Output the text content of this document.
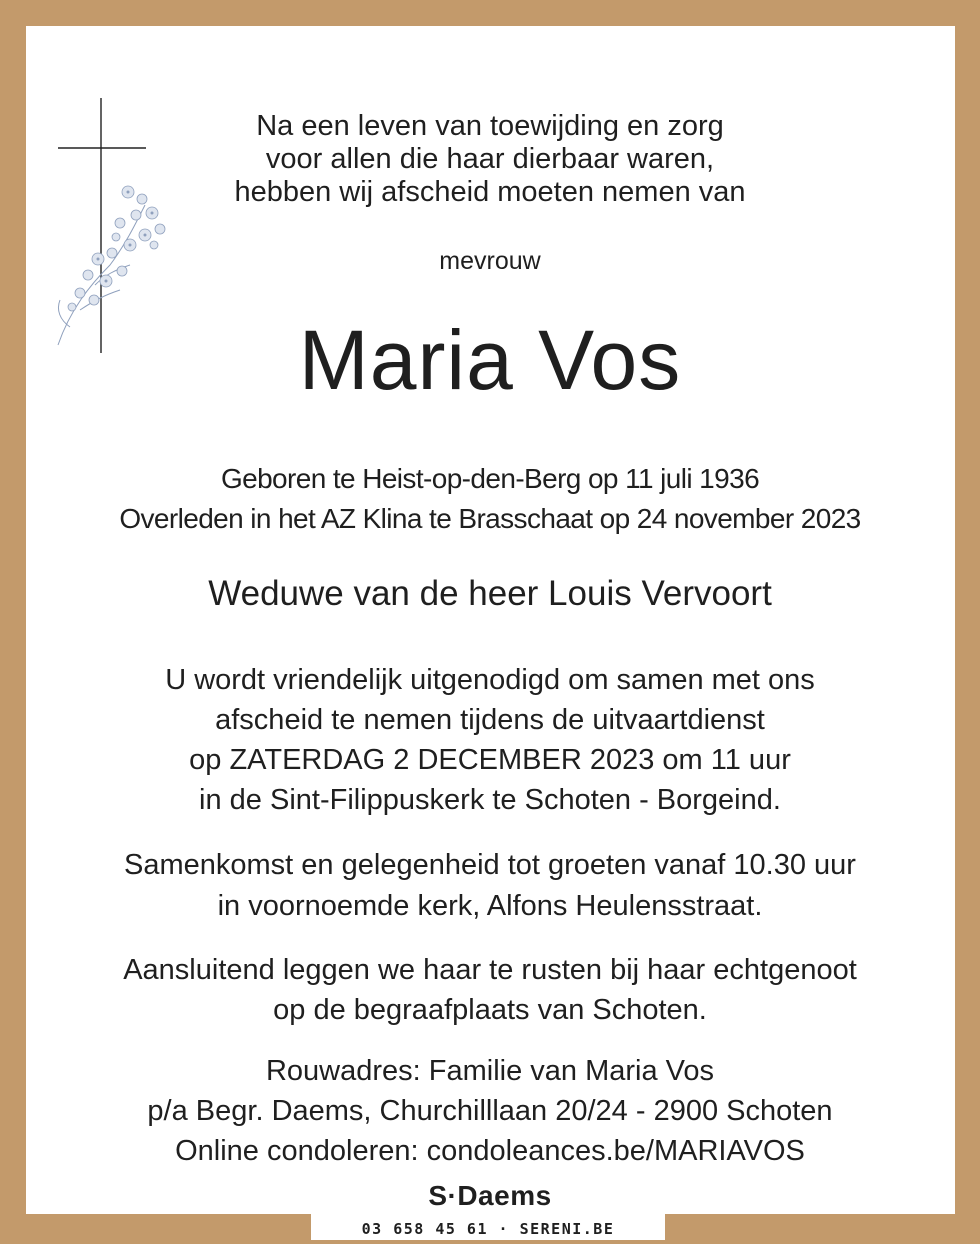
Na een leven van toewijding en zorg
voor allen die haar dierbaar waren,
hebben wij afscheid moeten nemen van
mevrouw
Maria Vos
Geboren te Heist-op-den-Berg op 11 juli 1936
Overleden in het AZ Klina te Brasschaat op 24 november 2023
Weduwe van de heer Louis Vervoort
U wordt vriendelijk uitgenodigd om samen met ons
afscheid te nemen tijdens de uitvaartdienst
op ZATERDAG 2 DECEMBER 2023 om 11 uur
in de Sint-Filippuskerk te Schoten - Borgeind.
Samenkomst en gelegenheid tot groeten vanaf 10.30 uur
in voornoemde kerk, Alfons Heulensstraat.
Aansluitend leggen we haar te rusten bij haar echtgenoot
op de begraafplaats van Schoten.
Rouwadres: Familie van Maria Vos
p/a Begr. Daems, Churchilllaan 20/24 - 2900 Schoten
Online condoleren: condoleances.be/MARIAVOS
S·Daems
03 658 45 61 · SERENI.BE
